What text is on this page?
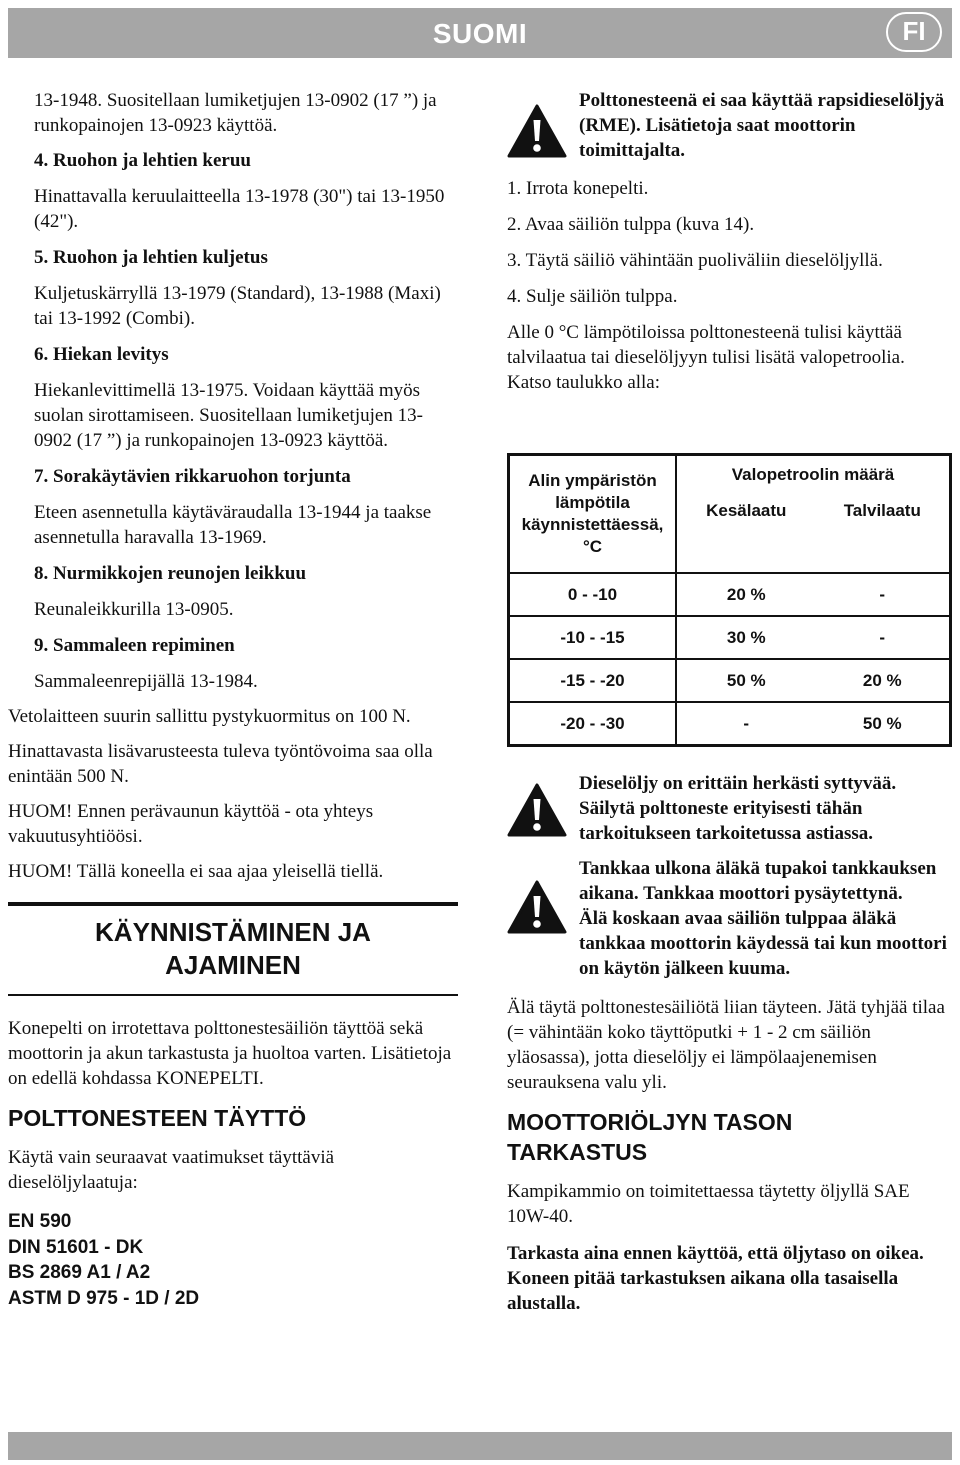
SUOMI	FI

13-1948. Suositellaan lumiketjujen 13-0902 (17 ”) ja runkopainojen 13-0923 käyttöä.

4. Ruohon ja lehtien keruu

Hinattavalla keruulaitteella 13-1978 (30") tai 13-1950 (42").

5. Ruohon ja lehtien kuljetus

Kuljetuskärryllä 13-1979 (Standard), 13-1988 (Maxi) tai 13-1992 (Combi).

6. Hiekan levitys

Hiekanlevittimellä 13-1975. Voidaan käyttää myös suolan sirottamiseen. Suositellaan lumiketjujen 13-0902 (17 ”) ja runkopainojen 13-0923 käyttöä.

7. Sorakäytävien rikkaruohon torjunta

Eteen asennetulla käytäväraudalla 13-1944 ja taakse asennetulla haravalla 13-1969.

8. Nurmikkojen reunojen leikkuu

Reunaleikkurilla 13-0905.

9. Sammaleen repiminen

Sammaleenrepijällä 13-1984.

Vetolaitteen suurin sallittu pystykuormitus on 100 N.

Hinattavasta lisävarusteesta tuleva työntövoima saa olla enintään 500 N.

HUOM! Ennen perävaunun käyttöä - ota yhteys vakuutusyhtiöösi.

HUOM! Tällä koneella ei saa ajaa yleisellä tiellä.

KÄYNNISTÄMINEN JA

AJAMINEN

Konepelti on irrotettava polttonestesäiliön täyttöä sekä moottorin ja akun tarkastusta ja huoltoa varten. Lisätietoja on edellä kohdassa KONEPELTI.

POLTTONESTEEN TÄYTTÖ

Käytä vain seuraavat vaatimukset täyttäviä dieselöljylaatuja:

EN 590
DIN 51601 - DK
BS 2869 A1 / A2
ASTM D 975 - 1D / 2D

Polttonesteenä ei saa käyttää rapsidieselöljyä (RME). Lisätietoja saat moottorin toimittajalta.

1. Irrota konepelti.

2. Avaa säiliön tulppa (kuva 14).

3. Täytä säiliö vähintään puoliväliin dieselöljyllä.

4. Sulje säiliön tulppa.

Alle 0 °C lämpötiloissa polttonesteenä tulisi käyttää talvilaatua tai dieselöljyyn tulisi lisätä valopetroolia. Katso taulukko alla:

Alin ympäristön lämpötila käynnistettäessä, °C	Valopetroolin määrä	
	Kesälaatu	Talvilaatu
0 - -10	20 %	-
-10 - -15	30 %	-
-15 - -20	50 %	20 %
-20 - -30	-	50 %

Dieselöljy on erittäin herkästi syttyvää. Säilytä polttoneste erityisesti tähän tarkoitukseen tarkoitetussa astiassa.

Tankkaa ulkona äläkä tupakoi tankkauksen aikana. Tankkaa moottori pysäytettynä.

Älä koskaan avaa säiliön tulppaa äläkä tankkaa moottorin käydessä tai kun moottori on käytön jälkeen kuuma.

Älä täytä polttonestesäiliötä liian täyteen. Jätä tyhjää tilaa (= vähintään koko täyttöputki + 1 - 2 cm säiliön yläosassa), jotta dieselöljy ei lämpölaajenemisen seurauksena valu yli.

MOOTTORIÖLJYN TASON

TARKASTUS

Kampikammio on toimitettaessa täytetty öljyllä SAE 10W-40.

Tarkasta aina ennen käyttöä, että öljytaso on oikea. Koneen pitää tarkastuksen aikana olla tasaisella alustalla.
